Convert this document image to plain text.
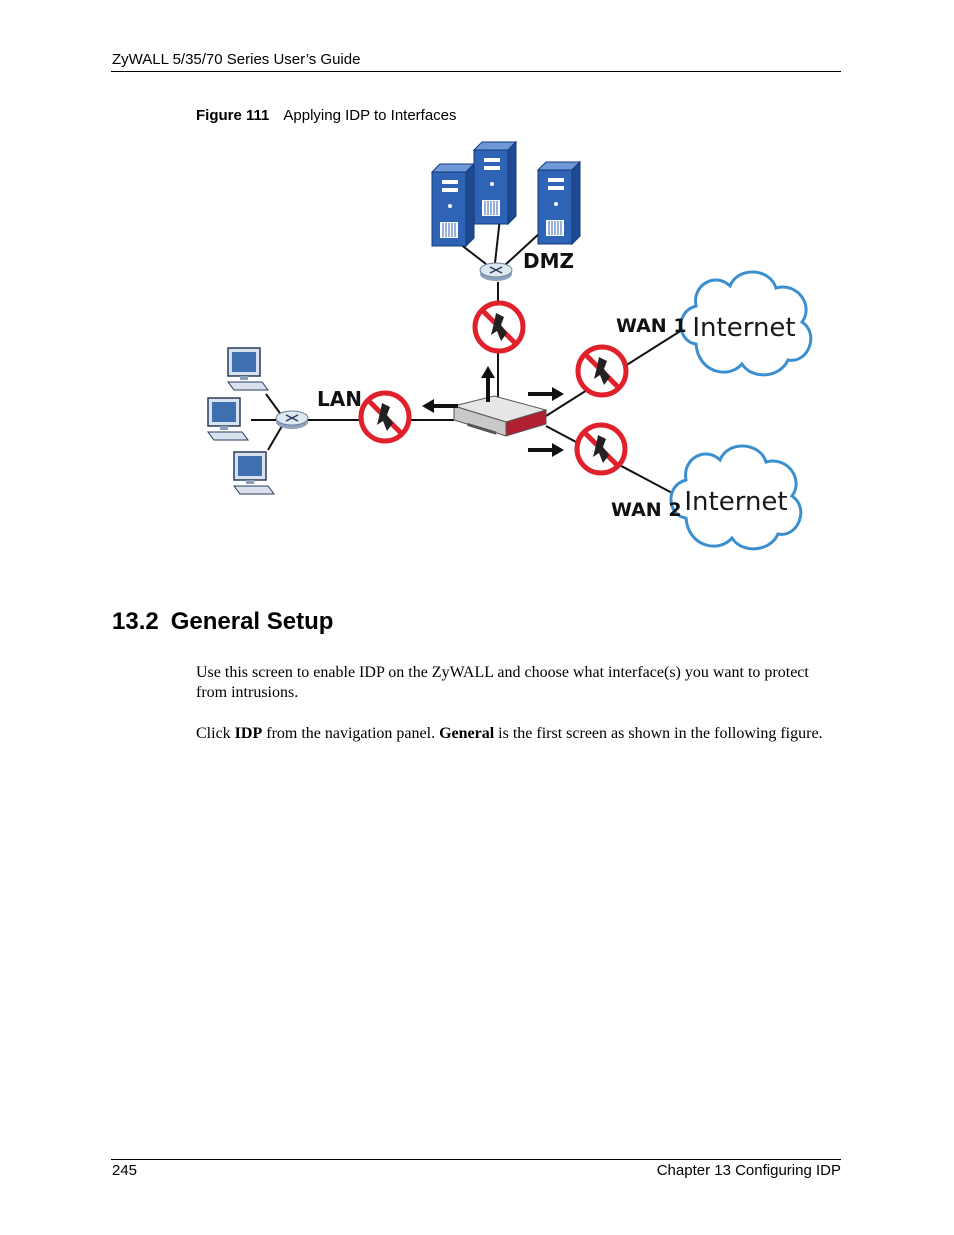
ZyWALL 5/35/70 Series User’s Guide
Figure 111 Applying IDP to Interfaces
Internet
Internet
DMZ
LAN
WAN 1
WAN 2
13.2 General Setup
Use this screen to enable IDP on the ZyWALL and choose what interface(s) you want to protect from intrusions.
Click IDP from the navigation panel. General is the first screen as shown in the following figure.
245	Chapter 13 Configuring IDP
